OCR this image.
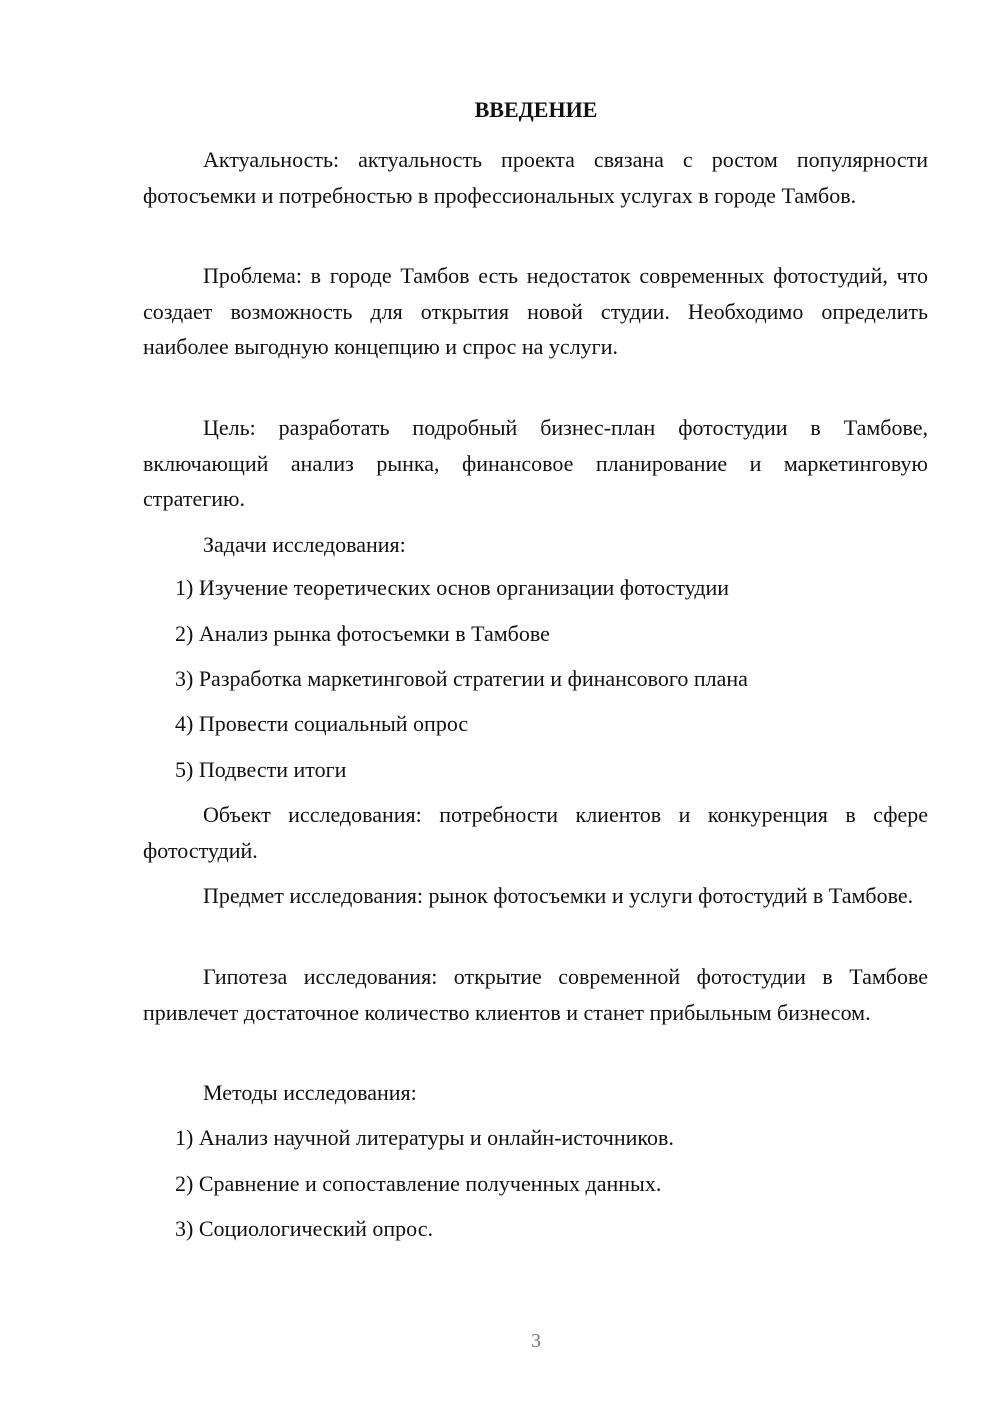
ВВЕДЕНИЕ

Актуальность: актуальность проекта связана с ростом популярности фотосъемки и потребностью в профессиональных услугах в городе Тамбов.

Проблема: в городе Тамбов есть недостаток современных фотостудий, что создает возможность для открытия новой студии. Необходимо определить наиболее выгодную концепцию и спрос на услуги.

Цель: разработать подробный бизнес-план фотостудии в Тамбове, включающий анализ рынка, финансовое планирование и маркетинговую стратегию.

Задачи исследования:
1) Изучение теоретических основ организации фотостудии
2) Анализ рынка фотосъемки в Тамбове
3) Разработка маркетинговой стратегии и финансового плана
4) Провести социальный опрос
5) Подвести итоги

Объект исследования: потребности клиентов и конкуренция в сфере фотостудий.

Предмет исследования: рынок фотосъемки и услуги фотостудий в Тамбове.

Гипотеза исследования: открытие современной фотостудии в Тамбове привлечет достаточное количество клиентов и станет прибыльным бизнесом.

Методы исследования:
1) Анализ научной литературы и онлайн-источников.
2) Сравнение и сопоставление полученных данных.
3) Социологический опрос.
3
